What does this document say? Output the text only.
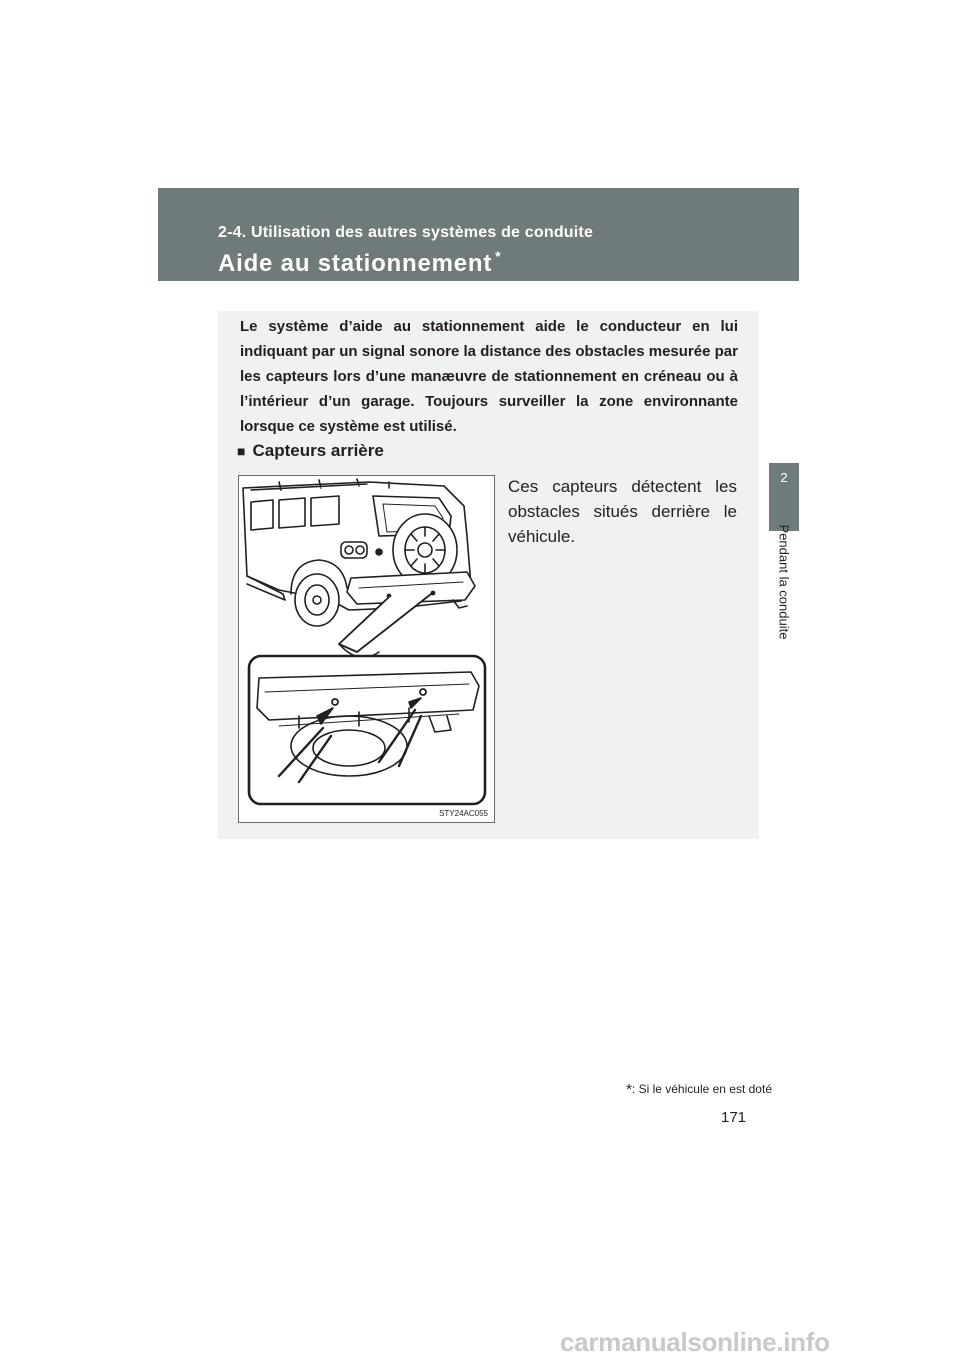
2-4. Utilisation des autres systèmes de conduite
Aide au stationnement *
2
Pendant la conduite

Le système d’aide au stationnement aide le conducteur en lui indiquant par un signal sonore la distance des obstacles mesurée par les capteurs lors d’une manæuvre de stationnement en créneau ou à l’intérieur d’un garage. Toujours surveiller la zone environnante lorsque ce système est utilisé.

■ Capteurs arrière
STY24AC055

Ces capteurs détectent les obstacles situés derrière le véhicule.

*: Si le véhicule en est doté
171
carmanualsonline.info
